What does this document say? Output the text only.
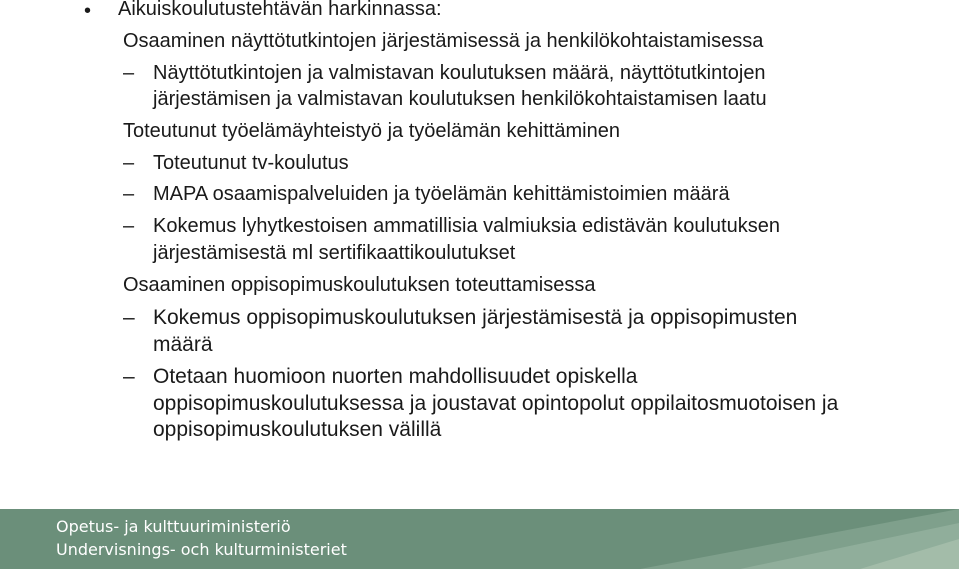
• Aikuiskoulutustehtävän harkinnassa:
Osaaminen näyttötutkintojen järjestämisessä ja henkilökohtaistamisessa
– Näyttötutkintojen ja valmistavan koulutuksen määrä, näyttötutkintojen
järjestämisen ja valmistavan koulutuksen henkilökohtaistamisen laatu
Toteutunut työelämäyhteistyö ja työelämän kehittäminen
– Toteutunut tv-koulutus
– MAPA osaamispalveluiden ja työelämän kehittämistoimien määrä
– Kokemus lyhytkestoisen ammatillisia valmiuksia edistävän koulutuksen
järjestämisestä ml sertifikaattikoulutukset
Osaaminen oppisopimuskoulutuksen toteuttamisessa
– Kokemus oppisopimuskoulutuksen järjestämisestä ja oppisopimusten
määrä
– Otetaan huomioon nuorten mahdollisuudet opiskella
oppisopimuskoulutuksessa ja joustavat opintopolut oppilaitosmuotoisen ja
oppisopimuskoulutuksen välillä
Opetus- ja kulttuuriministeriö
Undervisnings- och kulturministeriet
